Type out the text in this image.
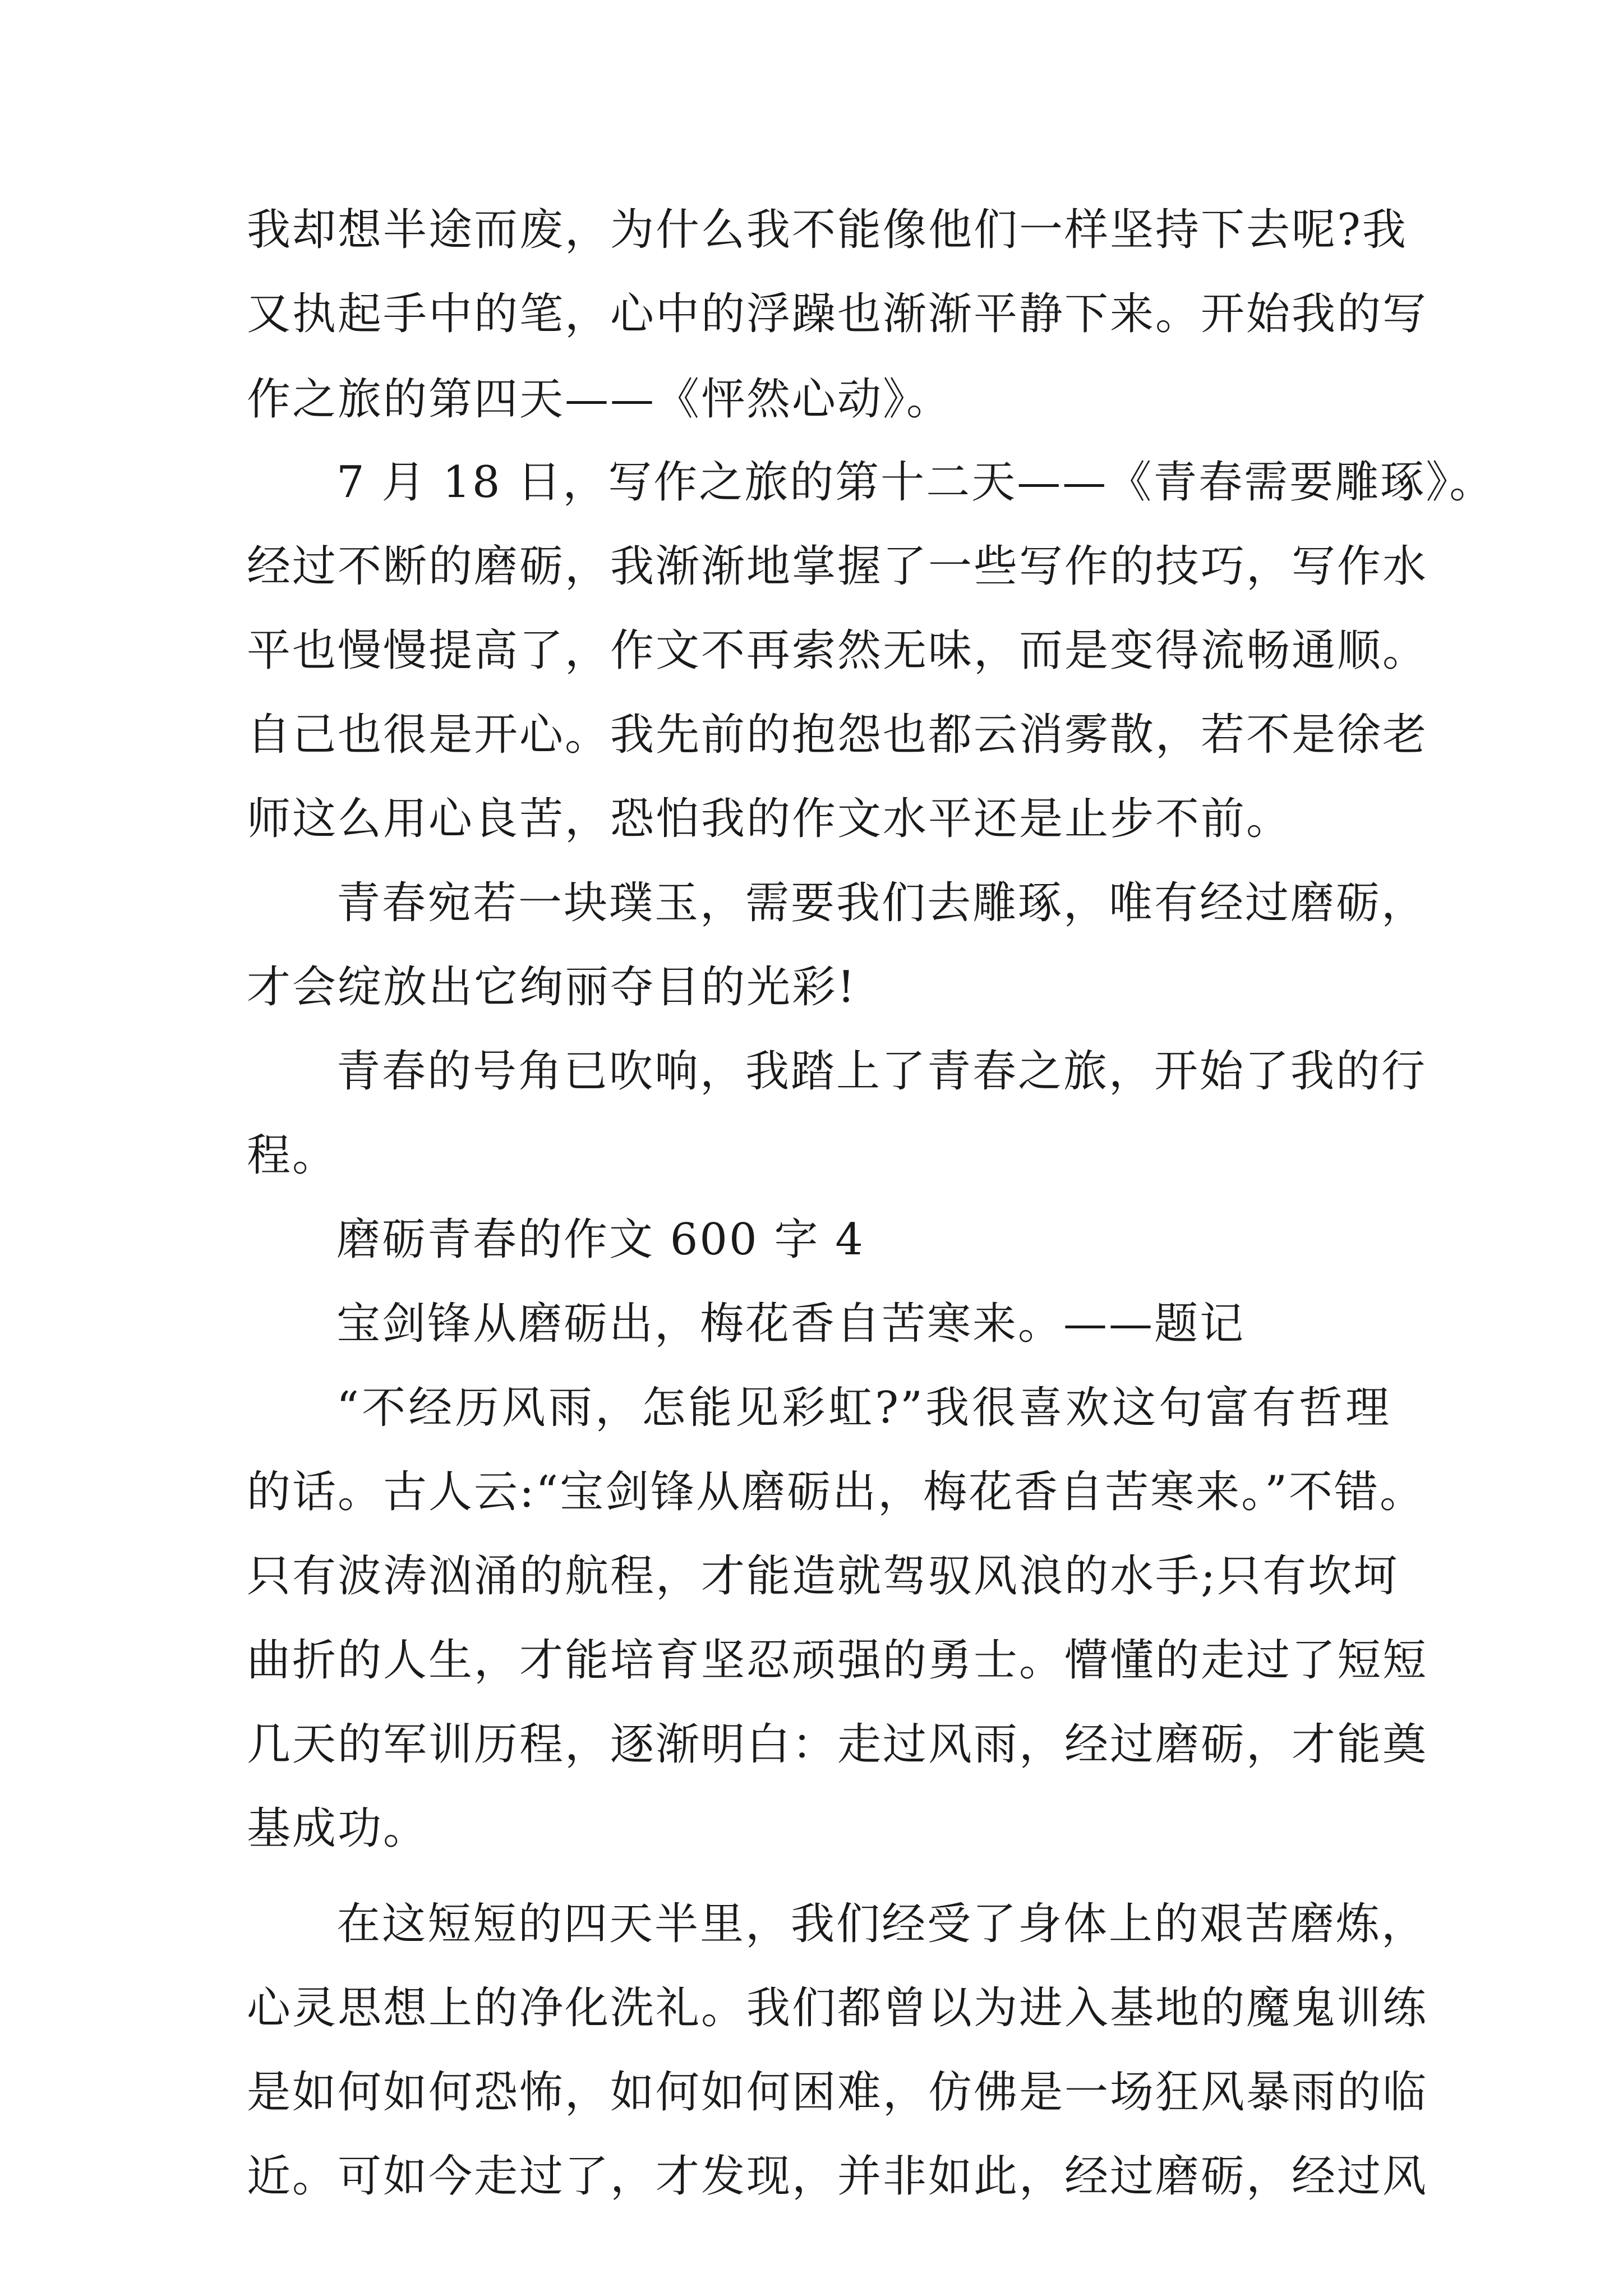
我却想半途而废，为什么我不能像他们一样坚持下去呢?我
又执起手中的笔，心中的浮躁也渐渐平静下来。开始我的写
作之旅的第四天——《怦然心动》。
7 月 18 日，写作之旅的第十二天——《青春需要雕琢》。
经过不断的磨砺，我渐渐地掌握了一些写作的技巧，写作水
平也慢慢提高了，作文不再索然无味，而是变得流畅通顺。
自己也很是开心。我先前的抱怨也都云消雾散，若不是徐老
师这么用心良苦，恐怕我的作文水平还是止步不前。
青春宛若一块璞玉，需要我们去雕琢，唯有经过磨砺，
才会绽放出它绚丽夺目的光彩!
青春的号角已吹响，我踏上了青春之旅，开始了我的行
程。
磨砺青春的作文 600 字 4
宝剑锋从磨砺出，梅花香自苦寒来。——题记
“不经历风雨，怎能见彩虹?”我很喜欢这句富有哲理
的话。古人云:“宝剑锋从磨砺出，梅花香自苦寒来。”不错。
只有波涛汹涌的航程，才能造就驾驭风浪的水手;只有坎坷
曲折的人生，才能培育坚忍顽强的勇士。懵懂的走过了短短
几天的军训历程，逐渐明白：走过风雨，经过磨砺，才能奠
基成功。
在这短短的四天半里，我们经受了身体上的艰苦磨炼，
心灵思想上的净化洗礼。我们都曾以为进入基地的魔鬼训练
是如何如何恐怖，如何如何困难，仿佛是一场狂风暴雨的临
近。可如今走过了，才发现，并非如此，经过磨砺，经过风
